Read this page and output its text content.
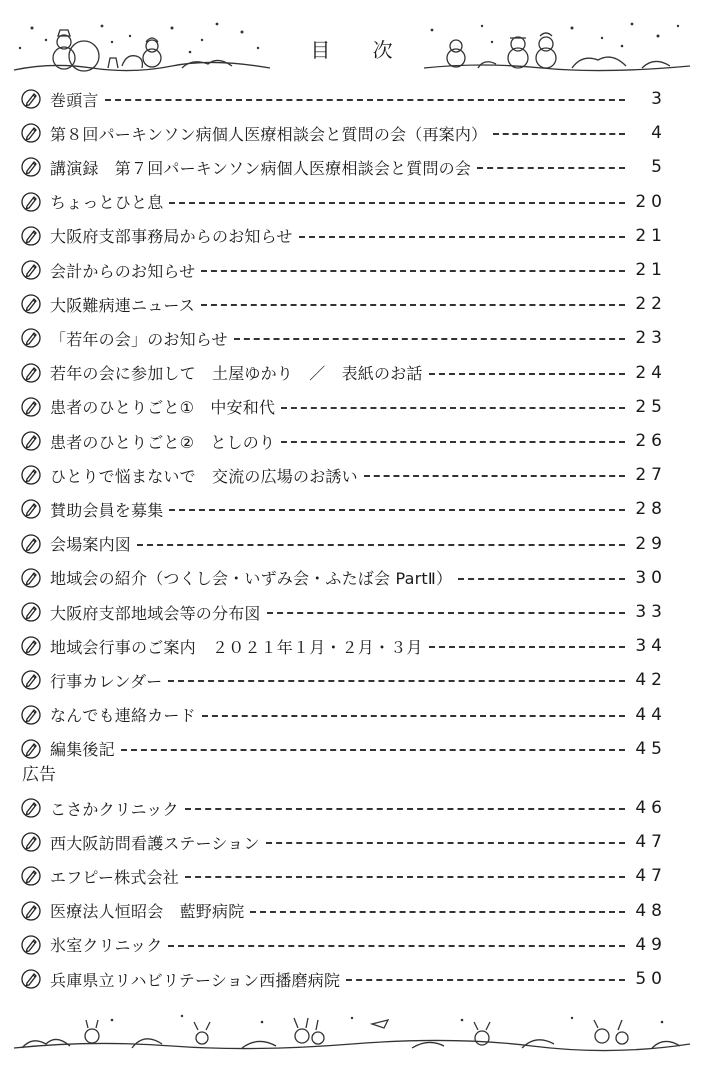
目 次
巻頭言	3
第８回パーキンソン病個人医療相談会と質問の会（再案内）	4
講演録　第７回パーキンソン病個人医療相談会と質問の会	5
ちょっとひと息	20
大阪府支部事務局からのお知らせ	21
会計からのお知らせ	21
大阪難病連ニュース	22
「若年の会」のお知らせ	23
若年の会に参加して　土屋ゆかり　／　表紙のお話	24
患者のひとりごと①　中安和代	25
患者のひとりごと②　としのり	26
ひとりで悩まないで　交流の広場のお誘い	27
賛助会員を募集	28
会場案内図	29
地域会の紹介（つくし会・いずみ会・ふたば会 PartⅡ）	30
大阪府支部地域会等の分布図	33
地域会行事のご案内　２０２１年１月・２月・３月	34
行事カレンダー	42
なんでも連絡カード	44
編集後記	45
広告
こさかクリニック	46
西大阪訪問看護ステーション	47
エフピー株式会社	47
医療法人恒昭会　藍野病院	48
氷室クリニック	49
兵庫県立リハビリテーション西播磨病院	50
